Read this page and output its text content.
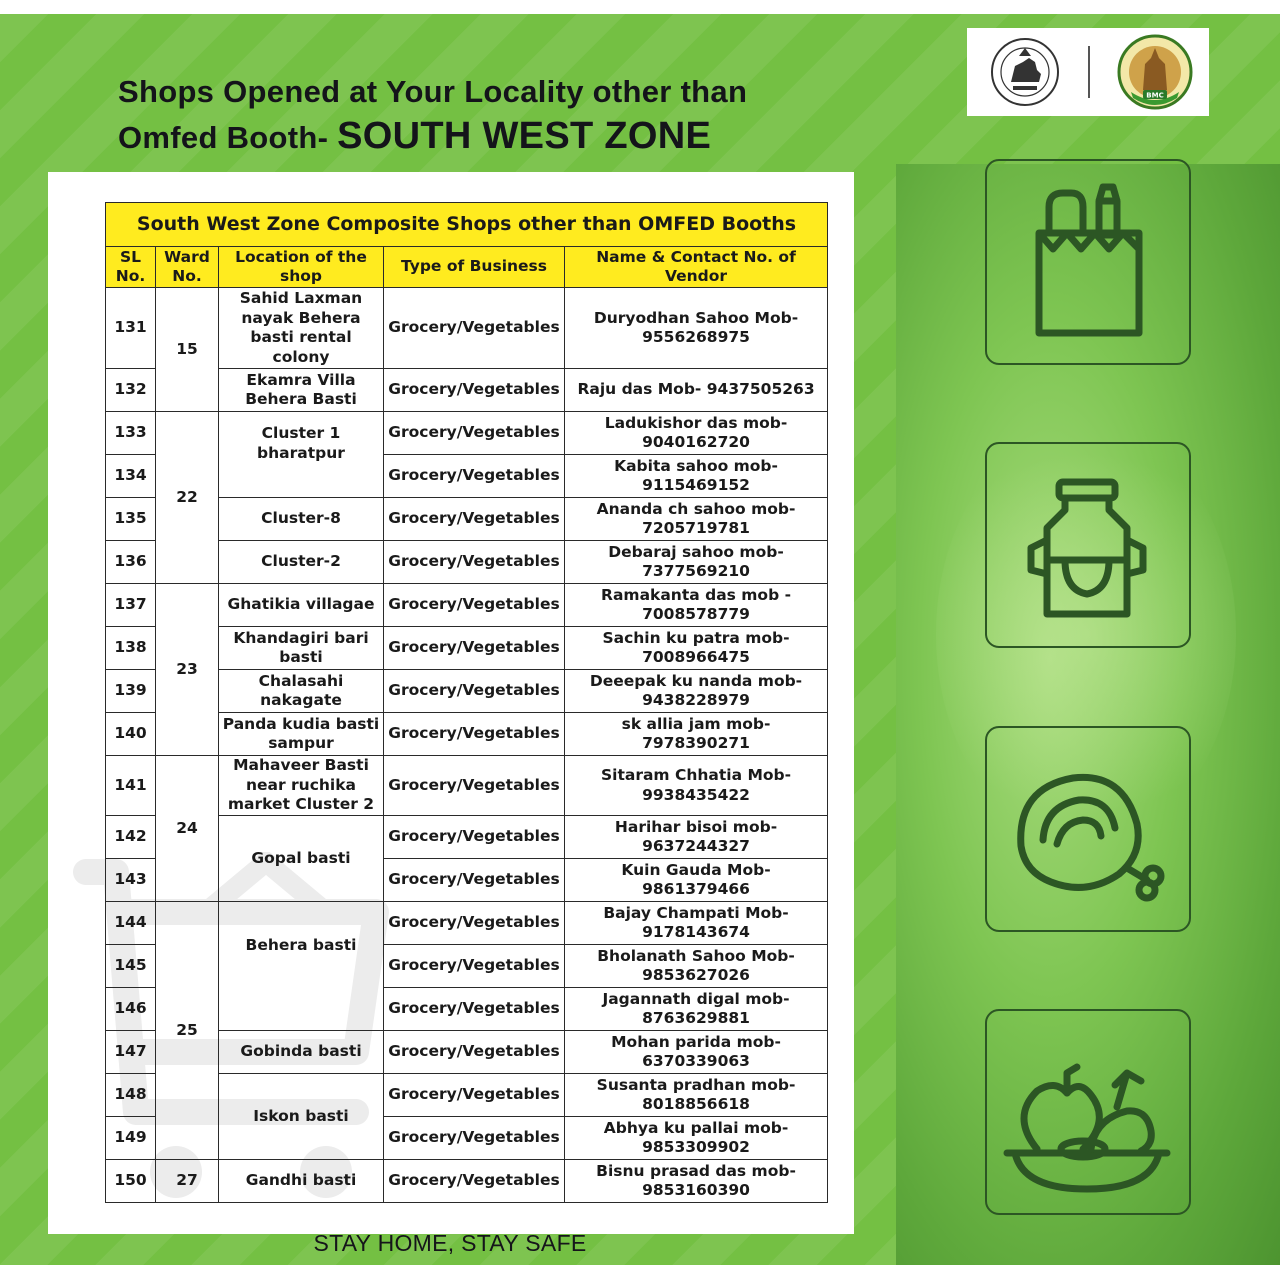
Shops Opened at Your Locality other than
Omfed Booth- SOUTH WEST ZONE
BMC
South West Zone Composite Shops other than OMFED Booths				
SL No.	Ward No.	Location of the shop	Type of Business	Name & Contact No. of Vendor
131	15	Sahid Laxman nayak Behera basti rental colony	Grocery/Vegetables	Duryodhan Sahoo Mob- 9556268975
132		Ekamra Villa Behera Basti	Grocery/Vegetables	Raju das Mob- 9437505263
133	22	Cluster 1 bharatpur	Grocery/Vegetables	Ladukishor das mob- 9040162720
134			Grocery/Vegetables	Kabita sahoo mob- 9115469152
135		Cluster-8	Grocery/Vegetables	Ananda ch sahoo mob- 7205719781
136		Cluster-2	Grocery/Vegetables	Debaraj sahoo mob- 7377569210
137	23	Ghatikia villagae	Grocery/Vegetables	Ramakanta das mob - 7008578779
138		Khandagiri bari basti	Grocery/Vegetables	Sachin ku patra mob- 7008966475
139		Chalasahi nakagate	Grocery/Vegetables	Deeepak ku nanda mob- 9438228979
140		Panda kudia basti sampur	Grocery/Vegetables	sk allia jam mob- 7978390271
141	24	Mahaveer Basti near ruchika market Cluster 2	Grocery/Vegetables	Sitaram Chhatia Mob- 9938435422
142		Gopal basti	Grocery/Vegetables	Harihar bisoi mob- 9637244327
143			Grocery/Vegetables	Kuin Gauda Mob- 9861379466
144	25	Behera basti	Grocery/Vegetables	Bajay Champati Mob- 9178143674
145			Grocery/Vegetables	Bholanath Sahoo Mob- 9853627026
146			Grocery/Vegetables	Jagannath digal mob- 8763629881
147		Gobinda basti	Grocery/Vegetables	Mohan parida mob- 6370339063
148		Iskon basti	Grocery/Vegetables	Susanta pradhan mob- 8018856618
149			Grocery/Vegetables	Abhya ku pallai mob- 9853309902
150	27	Gandhi basti	Grocery/Vegetables	Bisnu prasad das mob- 9853160390
STAY HOME, STAY SAFE
